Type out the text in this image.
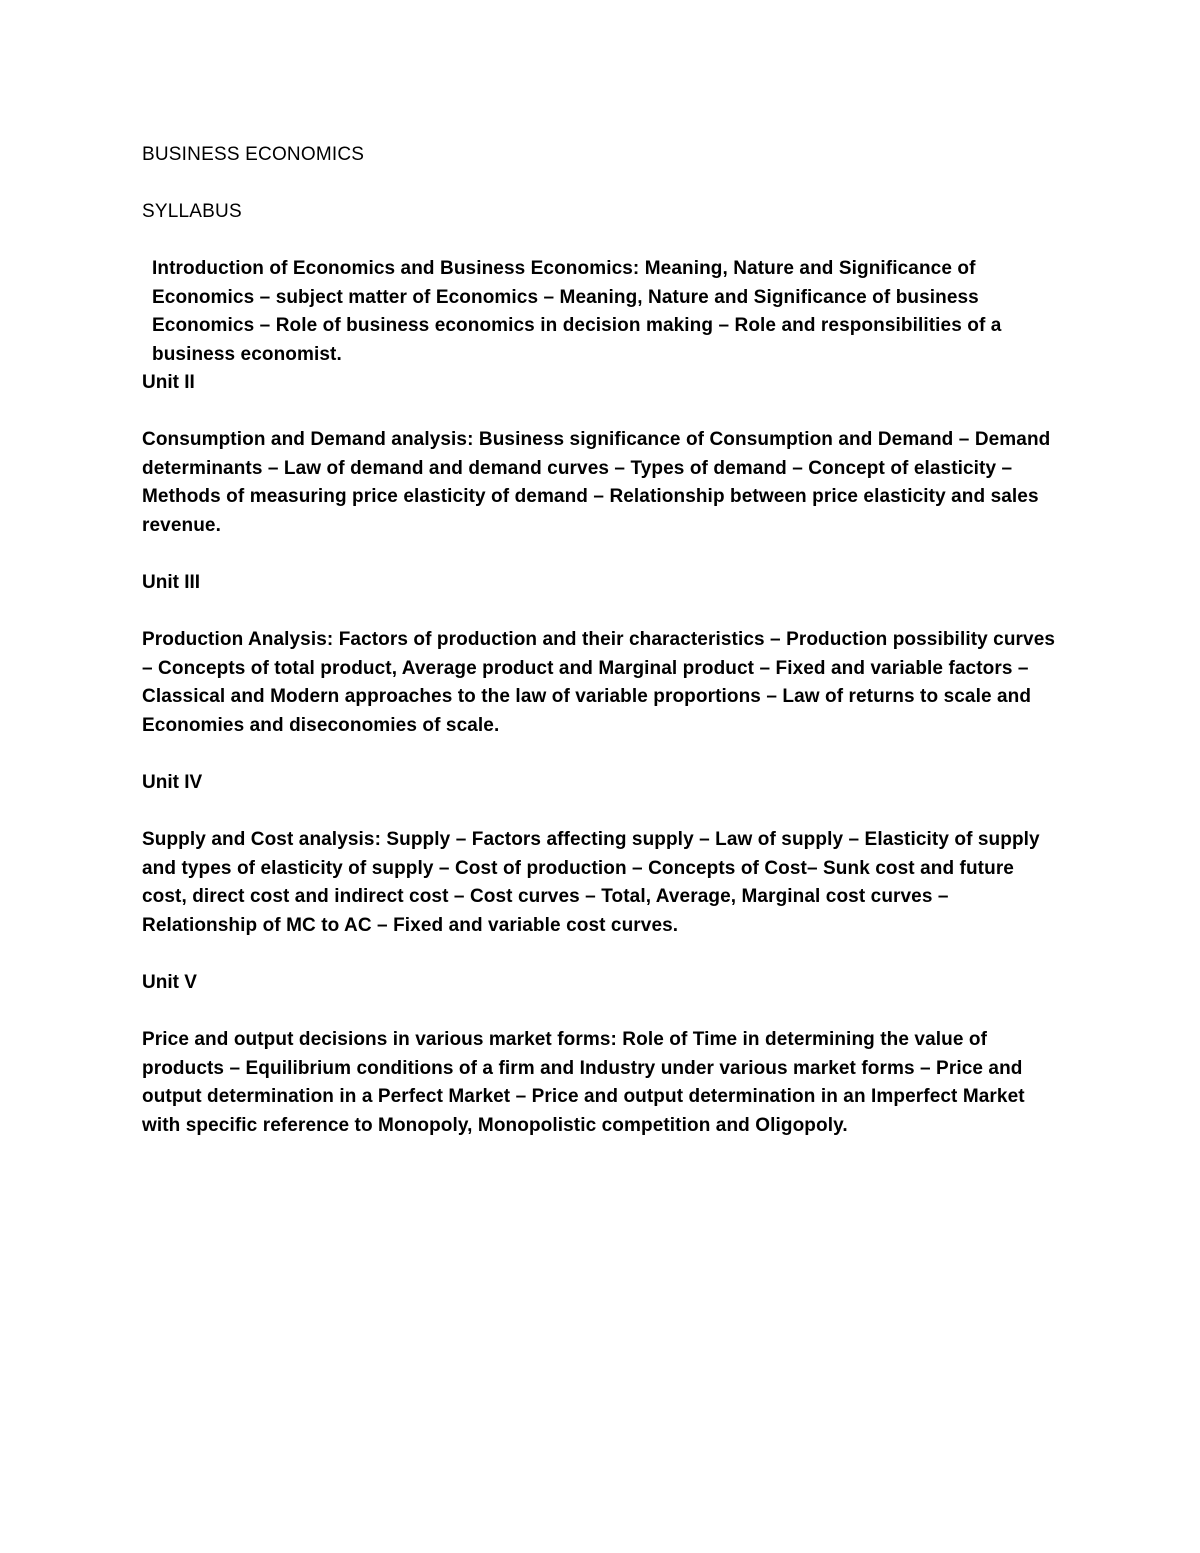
BUSINESS ECONOMICS

SYLLABUS

Introduction of Economics and Business Economics: Meaning, Nature and Significance of Economics – subject matter of Economics – Meaning, Nature and Significance of business Economics – Role of business economics in decision making – Role and responsibilities of a business economist.

Unit II

Consumption and Demand analysis: Business significance of Consumption and Demand – Demand determinants – Law of demand and demand curves – Types of demand – Concept of elasticity – Methods of measuring price elasticity of demand – Relationship between price elasticity and sales revenue.

Unit III

Production Analysis: Factors of production and their characteristics – Production possibility curves – Concepts of total product, Average product and Marginal product – Fixed and variable factors – Classical and Modern approaches to the law of variable proportions – Law of returns to scale and Economies and diseconomies of scale.

Unit IV

Supply and Cost analysis: Supply – Factors affecting supply – Law of supply – Elasticity of supply and types of elasticity of supply – Cost of production – Concepts of Cost– Sunk cost and future cost, direct cost and indirect cost – Cost curves – Total, Average, Marginal cost curves – Relationship of MC to AC – Fixed and variable cost curves.

Unit V

Price and output decisions in various market forms: Role of Time in determining the value of products – Equilibrium conditions of a firm and Industry under various market forms – Price and output determination in a Perfect Market – Price and output determination in an Imperfect Market with specific reference to Monopoly, Monopolistic competition and Oligopoly.
